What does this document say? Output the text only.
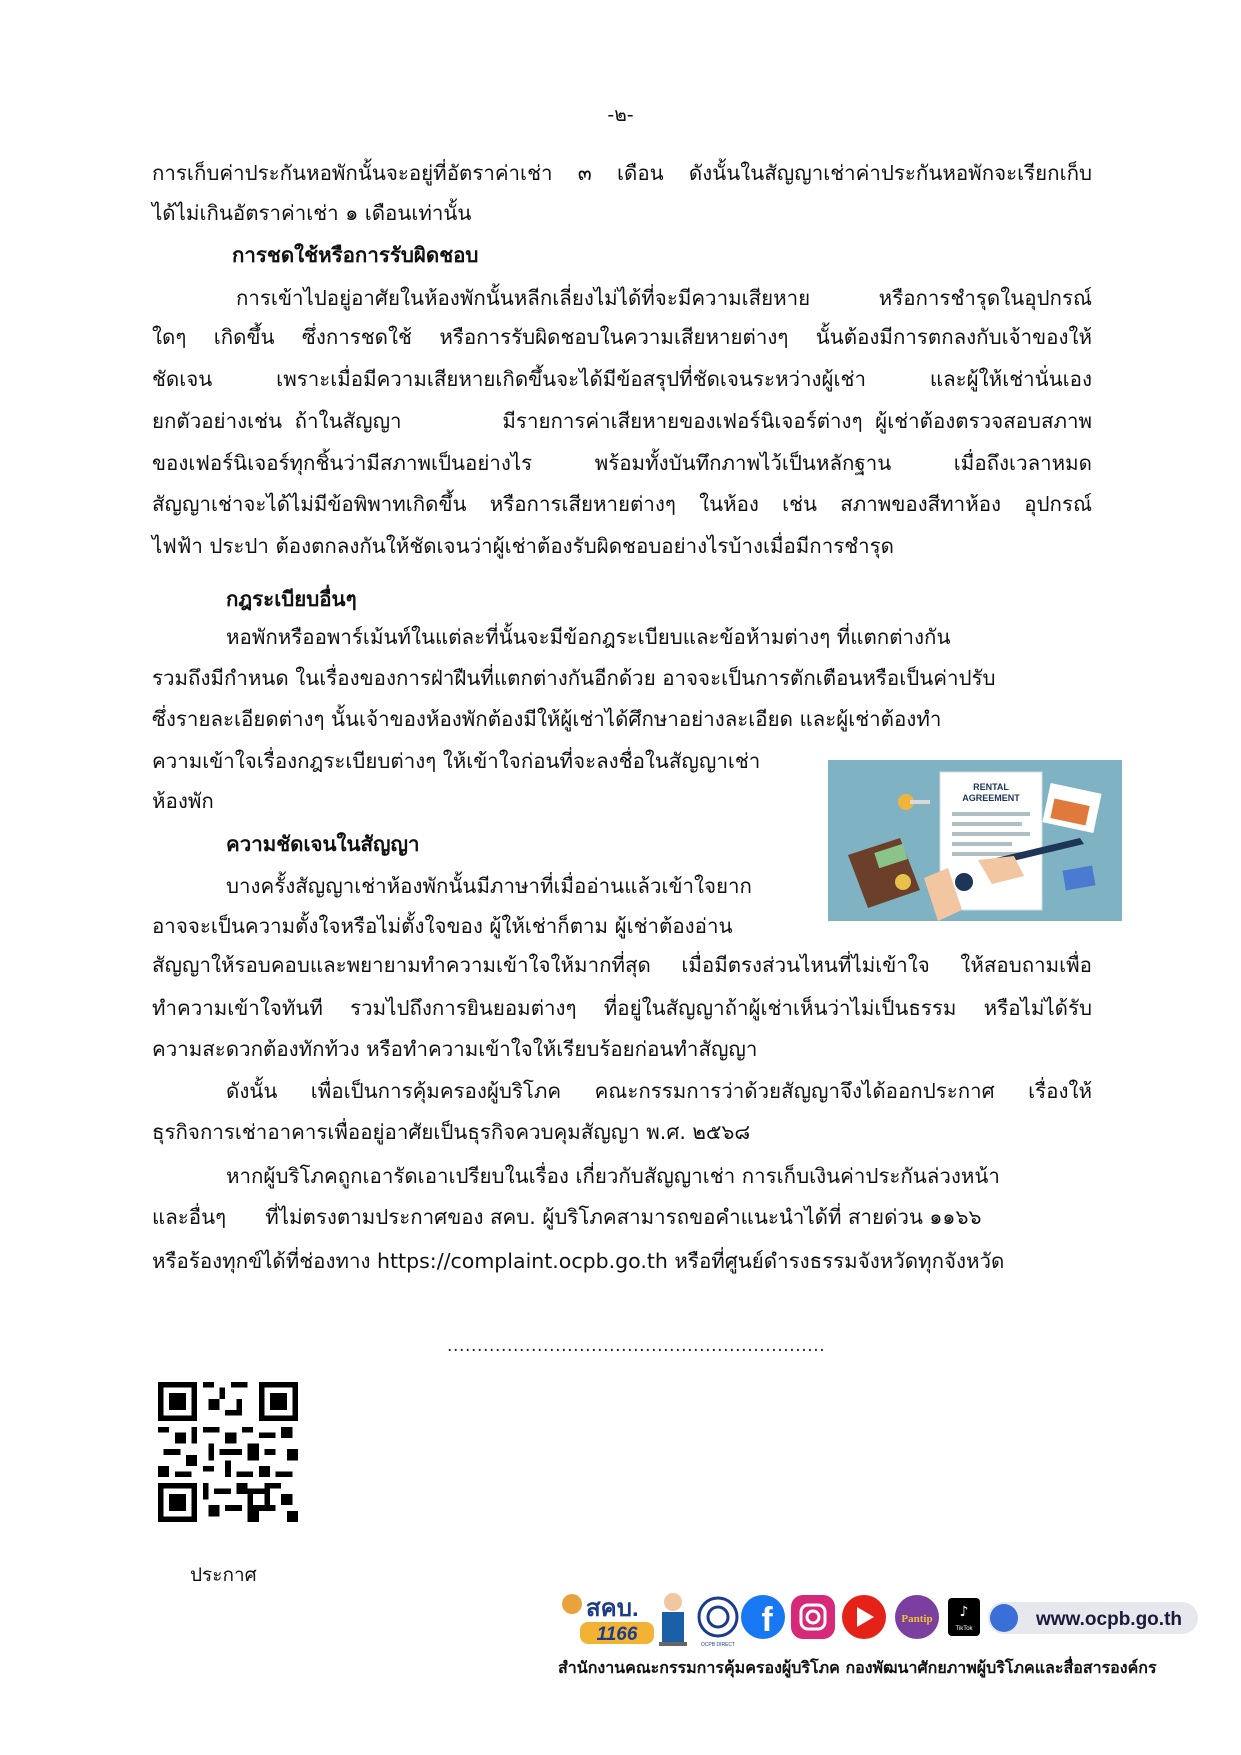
-๒-
การเก็บค่าประกันหอพักนั้นจะอยู่ที่อัตราค่าเช่า ๓ เดือน ดังนั้นในสัญญาเช่าค่าประกันหอพักจะเรียกเก็บ
ได้ไม่เกินอัตราค่าเช่า ๑ เดือนเท่านั้น
การชดใช้หรือการรับผิดชอบ
การเข้าไปอยู่อาศัยในห้องพักนั้นหลีกเลี่ยงไม่ได้ที่จะมีความเสียหาย หรือการชำรุดในอุปกรณ์
ใดๆ เกิดขึ้น ซึ่งการชดใช้ หรือการรับผิดชอบในความเสียหายต่างๆ นั้นต้องมีการตกลงกับเจ้าของให้
ชัดเจน เพราะเมื่อมีความเสียหายเกิดขึ้นจะได้มีข้อสรุปที่ชัดเจนระหว่างผู้เช่า และผู้ให้เช่านั่นเอง
ยกตัวอย่างเช่น ถ้าในสัญญา        มีรายการค่าเสียหายของเฟอร์นิเจอร์ต่างๆ ผู้เช่าต้องตรวจสอบสภาพ
ของเฟอร์นิเจอร์ทุกชิ้นว่ามีสภาพเป็นอย่างไร พร้อมทั้งบันทึกภาพไว้เป็นหลักฐาน เมื่อถึงเวลาหมด
สัญญาเช่าจะได้ไม่มีข้อพิพาทเกิดขึ้น หรือการเสียหายต่างๆ ในห้อง เช่น สภาพของสีทาห้อง อุปกรณ์
ไฟฟ้า ประปา ต้องตกลงกันให้ชัดเจนว่าผู้เช่าต้องรับผิดชอบอย่างไรบ้างเมื่อมีการชำรุด
กฎระเบียบอื่นๆ
หอพักหรืออพาร์เม้นท์ในแต่ละที่นั้นจะมีข้อกฎระเบียบและข้อห้ามต่างๆ ที่แตกต่างกัน
รวมถึงมีกำหนด ในเรื่องของการฝ่าฝืนที่แตกต่างกันอีกด้วย อาจจะเป็นการตักเตือนหรือเป็นค่าปรับ
ซึ่งรายละเอียดต่างๆ นั้นเจ้าของห้องพักต้องมีให้ผู้เช่าได้ศึกษาอย่างละเอียด และผู้เช่าต้องทำ
ความเข้าใจเรื่องกฎระเบียบต่างๆ ให้เข้าใจก่อนที่จะลงชื่อในสัญญาเช่า
ห้องพัก
ความชัดเจนในสัญญา
บางครั้งสัญญาเช่าห้องพักนั้นมีภาษาที่เมื่ออ่านแล้วเข้าใจยาก
อาจจะเป็นความตั้งใจหรือไม่ตั้งใจของ ผู้ให้เช่าก็ตาม ผู้เช่าต้องอ่าน
สัญญาให้รอบคอบและพยายามทำความเข้าใจให้มากที่สุด เมื่อมีตรงส่วนไหนที่ไม่เข้าใจ ให้สอบถามเพื่อ
ทำความเข้าใจทันที รวมไปถึงการยินยอมต่างๆ ที่อยู่ในสัญญาถ้าผู้เช่าเห็นว่าไม่เป็นธรรม หรือไม่ได้รับ
ความสะดวกต้องทักท้วง หรือทำความเข้าใจให้เรียบร้อยก่อนทำสัญญา
ดังนั้น เพื่อเป็นการคุ้มครองผู้บริโภค คณะกรรมการว่าด้วยสัญญาจึงได้ออกประกาศ เรื่องให้
ธุรกิจการเช่าอาคารเพื่ออยู่อาศัยเป็นธุรกิจควบคุมสัญญา พ.ศ. ๒๕๖๘
หากผู้บริโภคถูกเอารัดเอาเปรียบในเรื่อง เกี่ยวกับสัญญาเช่า การเก็บเงินค่าประกันล่วงหน้า
และอื่นๆ      ที่ไม่ตรงตามประกาศของ สคบ. ผู้บริโภคสามารถขอคำแนะนำได้ที่ สายด่วน ๑๑๖๖
หรือร้องทุกข์ได้ที่ช่องทาง https://complaint.ocpb.go.th หรือที่ศูนย์ดำรงธรรมจังหวัดทุกจังหวัด
RENTAL
AGREEMENT
...............................................................
ประกาศ
สคบ.
1166	OCPB DIRECT
f	Pantip ♪
TikTok	www.ocpb.go.th
สำนักงานคณะกรรมการคุ้มครองผู้บริโภค กองพัฒนาศักยภาพผู้บริโภคและสื่อสารองค์กร
